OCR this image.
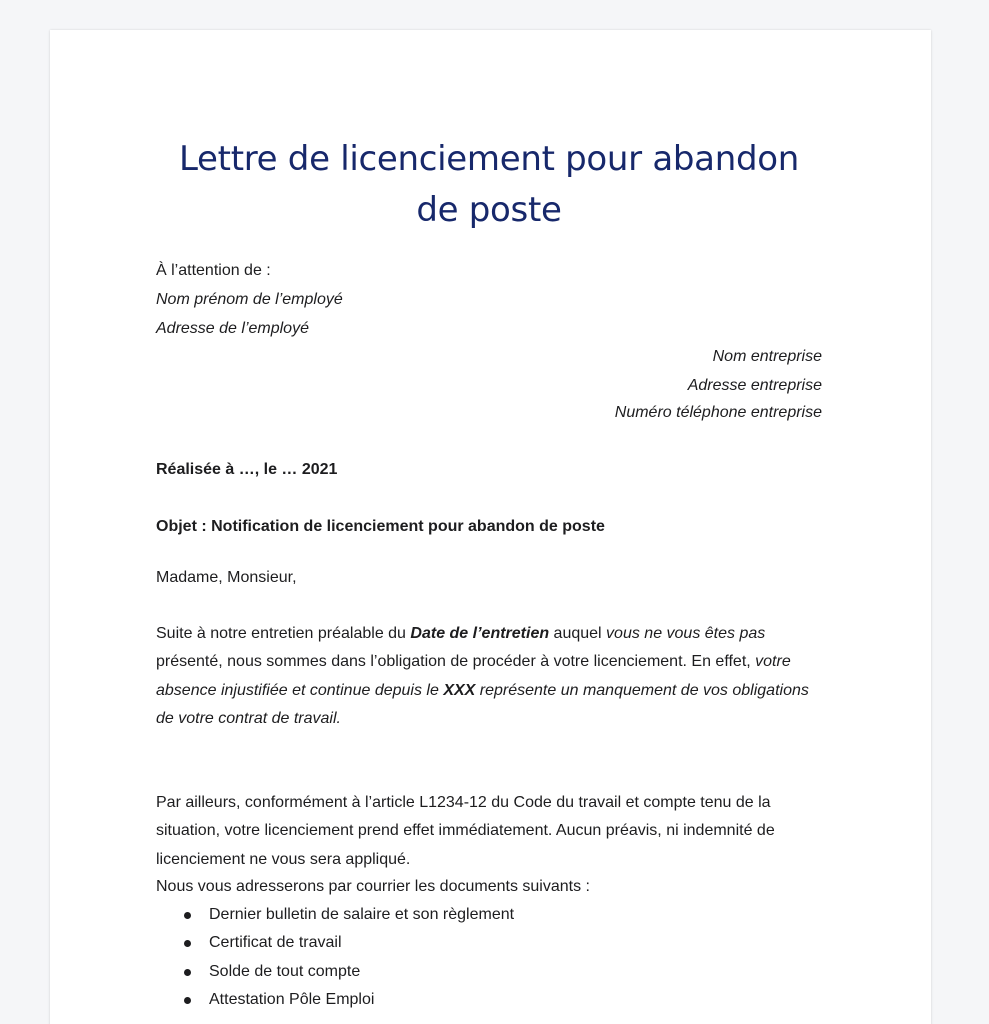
Lettre de licenciement pour abandon de poste
À l’attention de :
Nom prénom de l’employé
Adresse de l’employé
Nom entreprise
Adresse entreprise
Numéro téléphone entreprise
Réalisée à …, le … 2021
Objet : Notification de licenciement pour abandon de poste
Madame, Monsieur,

Suite à notre entretien préalable du Date de l’entretien auquel vous ne vous êtes pas présenté, nous sommes dans l’obligation de procéder à votre licenciement. En effet, votre absence injustifiée et continue depuis le XXX représente un manquement de vos obligations de votre contrat de travail.

Par ailleurs, conformément à l’article L1234-12 du Code du travail et compte tenu de la situation, votre licenciement prend effet immédiatement. Aucun préavis, ni indemnité de licenciement ne vous sera appliqué.

Nous vous adresserons par courrier les documents suivants :
Dernier bulletin de salaire et son règlement
Certificat de travail
Solde de tout compte
Attestation Pôle Emploi
